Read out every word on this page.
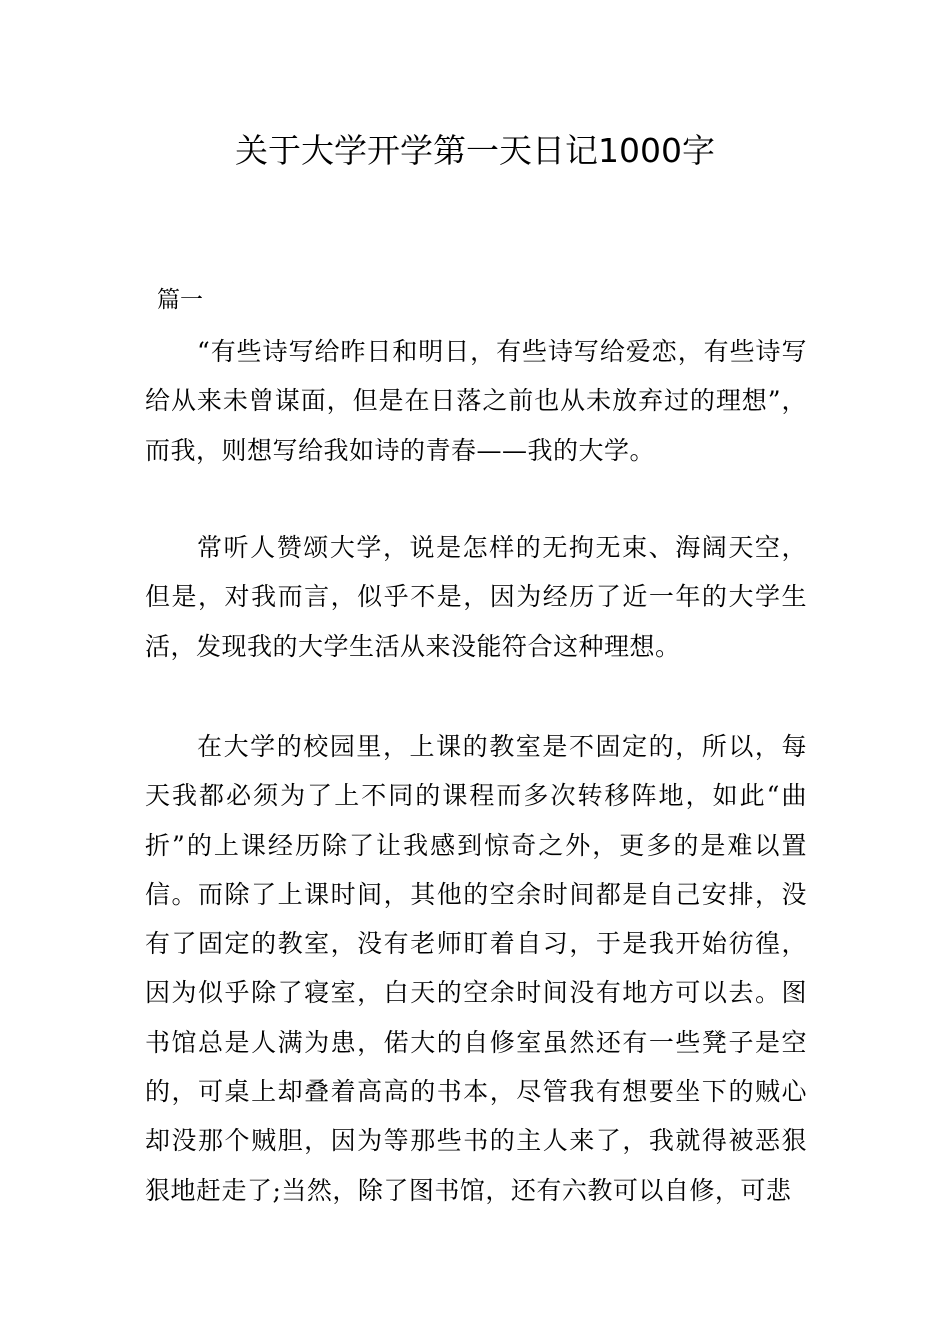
关于大学开学第一天日记1000字
篇一

“有些诗写给昨日和明日，有些诗写给爱恋，有些诗写给从来未曾谋面，但是在日落之前也从未放弃过的理想”，而我，则想写给我如诗的青春——我的大学。

常听人赞颂大学，说是怎样的无拘无束、海阔天空，但是，对我而言，似乎不是，因为经历了近一年的大学生活，发现我的大学生活从来没能符合这种理想。

在大学的校园里，上课的教室是不固定的，所以，每天我都必须为了上不同的课程而多次转移阵地，如此“曲折”的上课经历除了让我感到惊奇之外，更多的是难以置信。而除了上课时间，其他的空余时间都是自己安排，没有了固定的教室，没有老师盯着自习，于是我开始彷徨，因为似乎除了寝室，白天的空余时间没有地方可以去。图书馆总是人满为患，偌大的自修室虽然还有一些凳子是空的，可桌上却叠着高高的书本，尽管我有想要坐下的贼心却没那个贼胆，因为等那些书的主人来了，我就得被恶狠狠地赶走了;当然，除了图书馆，还有六教可以自修，可悲
